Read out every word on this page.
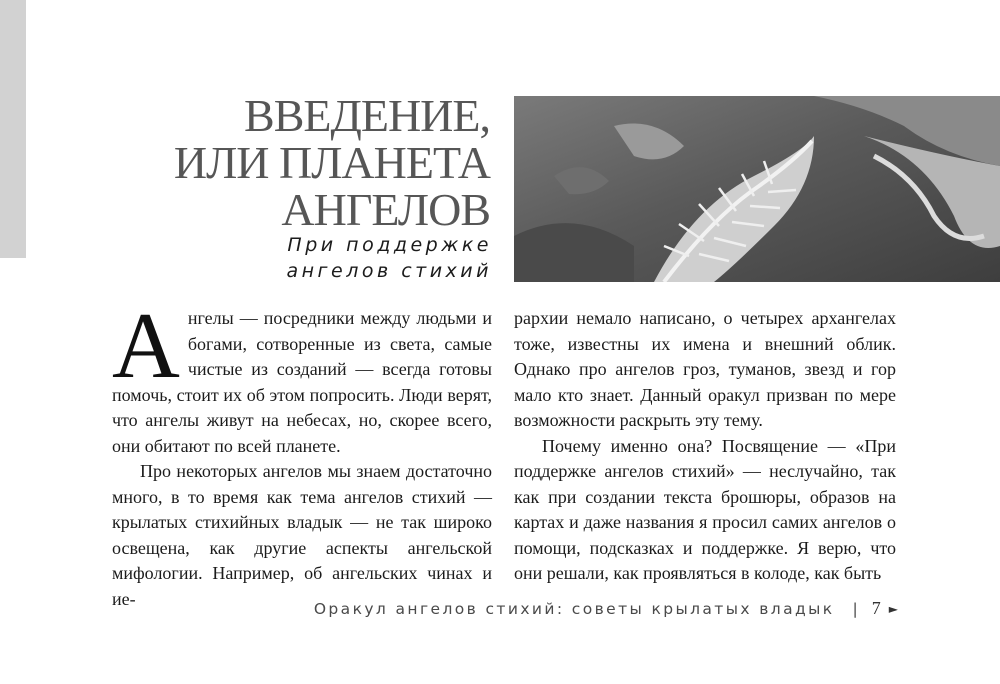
ВВЕДЕНИЕ,
ИЛИ ПЛАНЕТА
АНГЕЛОВ
При поддержке
ангелов стихий

Ангелы — посредники между людьми и богами, сотворенные из света, самые чистые из созданий — всегда готовы помочь, стоит их об этом попросить. Люди верят, что ангелы живут на небесах, но, скорее всего, они обитают по всей планете.

Про некоторых ангелов мы знаем достаточно много, в то время как тема ангелов стихий — крылатых стихийных владык — не так широко освещена, как другие аспекты ангельской мифологии. Например, об ангельских чинах и ие-

рархии немало написано, о четырех архангелах тоже, известны их имена и внешний облик. Однако про ангелов гроз, туманов, звезд и гор мало кто знает. Данный оракул призван по мере возможности раскрыть эту тему.

Почему именно она? Посвящение — «При поддержке ангелов стихий» — неслучайно, так как при создании текста брошюры, образов на картах и даже названия я просил самих ангелов о помощи, подсказках и поддержке. Я верю, что они решали, как проявляться в колоде, как быть

Оракул ангелов стихий: советы крылатых владык | 7 ►
